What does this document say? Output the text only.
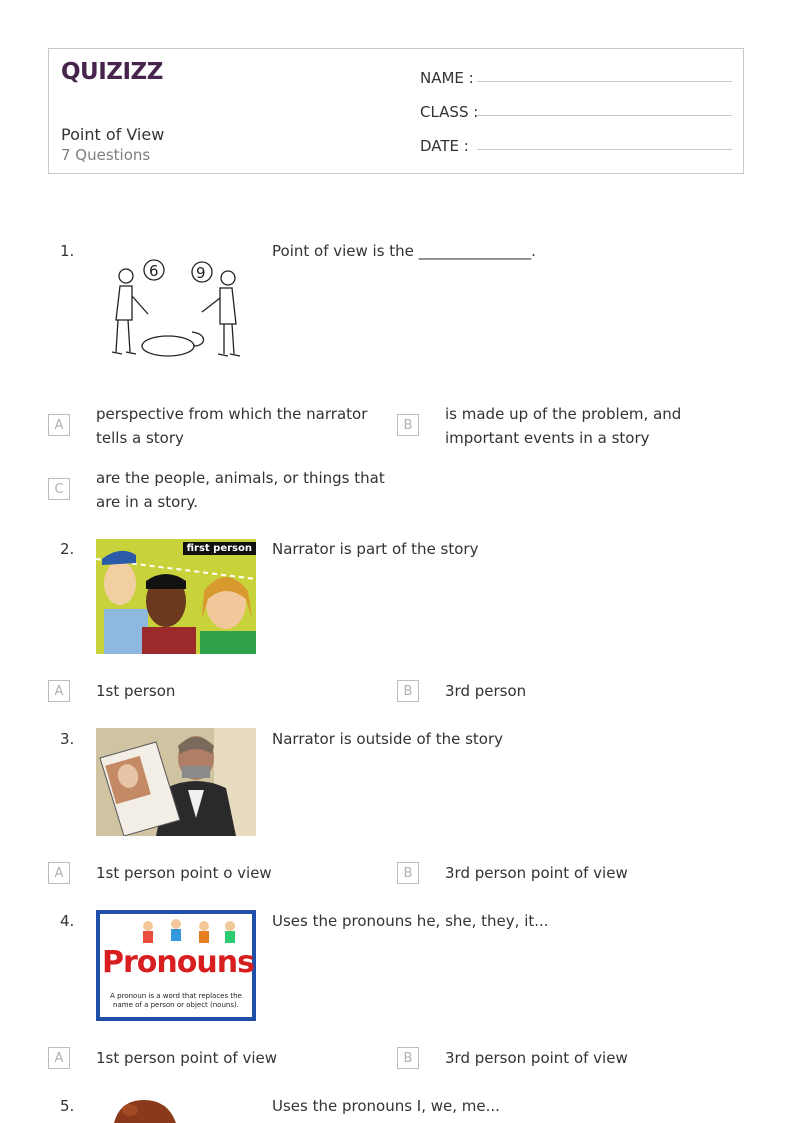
QUIZIZZ
Point of View
7 Questions
NAME :
CLASS :
DATE :
1.
6 9
Point of view is the _______________.
A
perspective from which the narrator tells a story
B
is made up of the problem, and important events in a story
C
are the people, animals, or things that are in a story.
2.	first person Narrator is part of the story
A	1st person	B	3rd person
3.	Narrator is outside of the story
A	1st person point o view	B	3rd person point of view
4.
Pronouns
A pronoun is a word that replaces the name of a person or object (nouns).
Uses the pronouns he, she, they, it...
A	1st person point of view	B	3rd person point of view
5.	Uses the pronouns I, we, me...
